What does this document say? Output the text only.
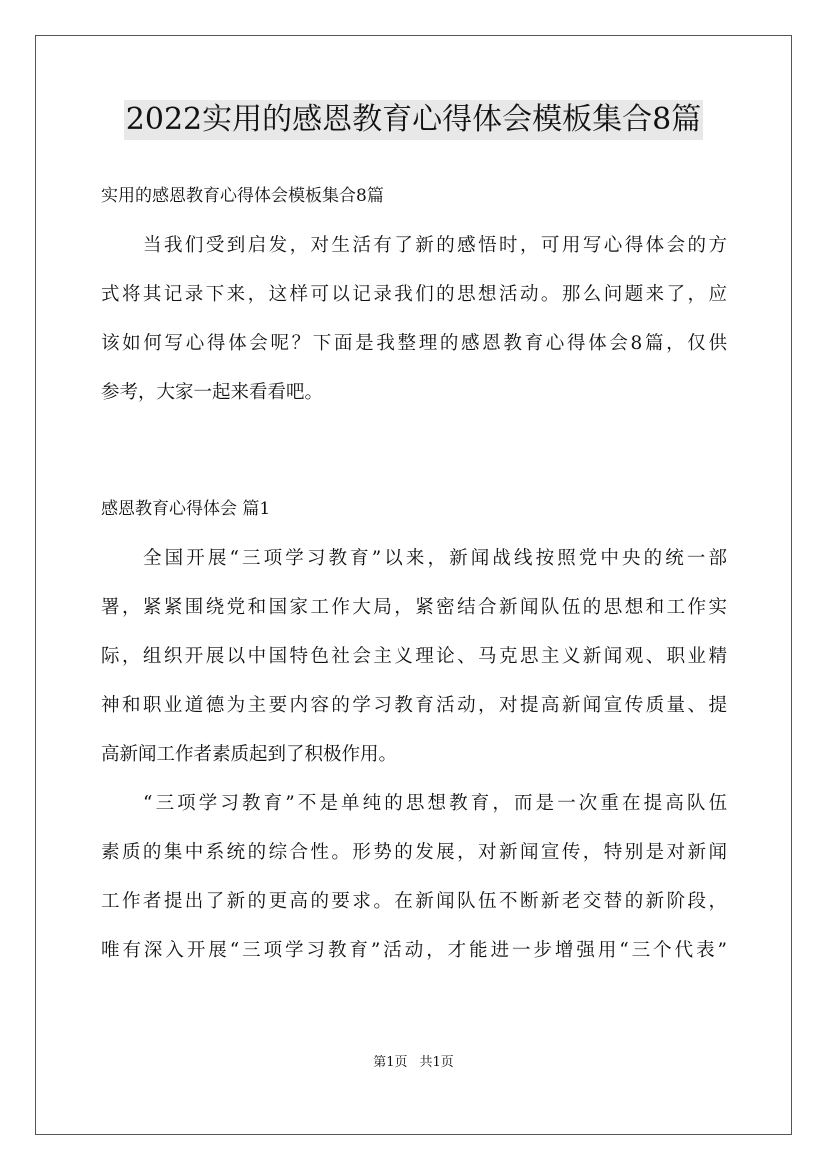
2022实用的感恩教育心得体会模板集合8篇
实用的感恩教育心得体会模板集合8篇
当我们受到启发，对生活有了新的感悟时，可用写心得体会的方
式将其记录下来，这样可以记录我们的思想活动。那么问题来了，应
该如何写心得体会呢？下面是我整理的感恩教育心得体会8篇，仅供
参考，大家一起来看看吧。
感恩教育心得体会 篇1
全国开展“三项学习教育”以来，新闻战线按照党中央的统一部
署，紧紧围绕党和国家工作大局，紧密结合新闻队伍的思想和工作实
际，组织开展以中国特色社会主义理论、马克思主义新闻观、职业精
神和职业道德为主要内容的学习教育活动，对提高新闻宣传质量、提
高新闻工作者素质起到了积极作用。
“三项学习教育”不是单纯的思想教育，而是一次重在提高队伍
素质的集中系统的综合性。形势的发展，对新闻宣传，特别是对新闻
工作者提出了新的更高的要求。在新闻队伍不断新老交替的新阶段，
唯有深入开展“三项学习教育”活动，才能进一步增强用“三个代表”
第1页 共1页
